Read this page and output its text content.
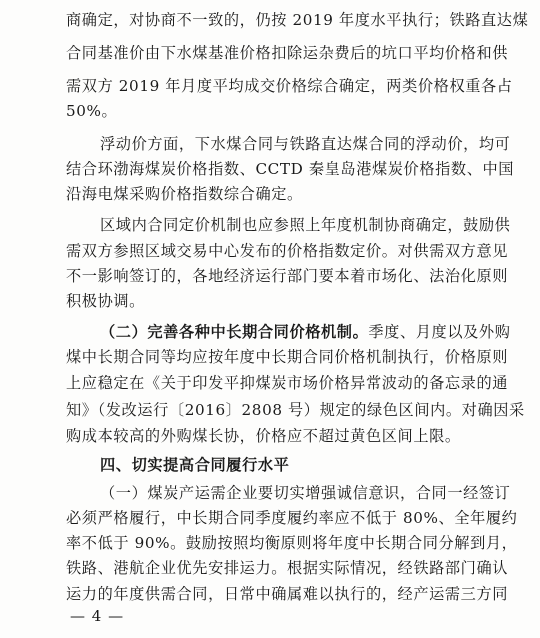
商确定，对协商不一致的，仍按 2019 年度水平执行；铁路直达煤
合同基准价由下水煤基准价格扣除运杂费后的坑口平均价格和供
需双方 2019 年月度平均成交价格综合确定，两类价格权重各占
50%。
浮动价方面，下水煤合同与铁路直达煤合同的浮动价，均可
结合环渤海煤炭价格指数、CCTD 秦皇岛港煤炭价格指数、中国
沿海电煤采购价格指数综合确定。
区域内合同定价机制也应参照上年度机制协商确定，鼓励供
需双方参照区域交易中心发布的价格指数定价。对供需双方意见
不一影响签订的，各地经济运行部门要本着市场化、法治化原则
积极协调。
（二）完善各种中长期合同价格机制。 季度、月度以及外购
煤中长期合同等均应按年度中长期合同价格机制执行，价格原则
上应稳定在《关于印发平抑煤炭市场价格异常波动的备忘录的通
知》（发改运行〔2016〕2808 号）规定的绿色区间内。对确因采
购成本较高的外购煤长协，价格应不超过黄色区间上限。
四、切实提高合同履行水平
（一）煤炭产运需企业要切实增强诚信意识，合同一经签订
必须严格履行，中长期合同季度履约率应不低于 80%、全年履约
率不低于 90%。鼓励按照均衡原则将年度中长期合同分解到月，
铁路、港航企业优先安排运力。根据实际情况，经铁路部门确认
运力的年度供需合同，日常中确属难以执行的，经产运需三方同
— 4 —
